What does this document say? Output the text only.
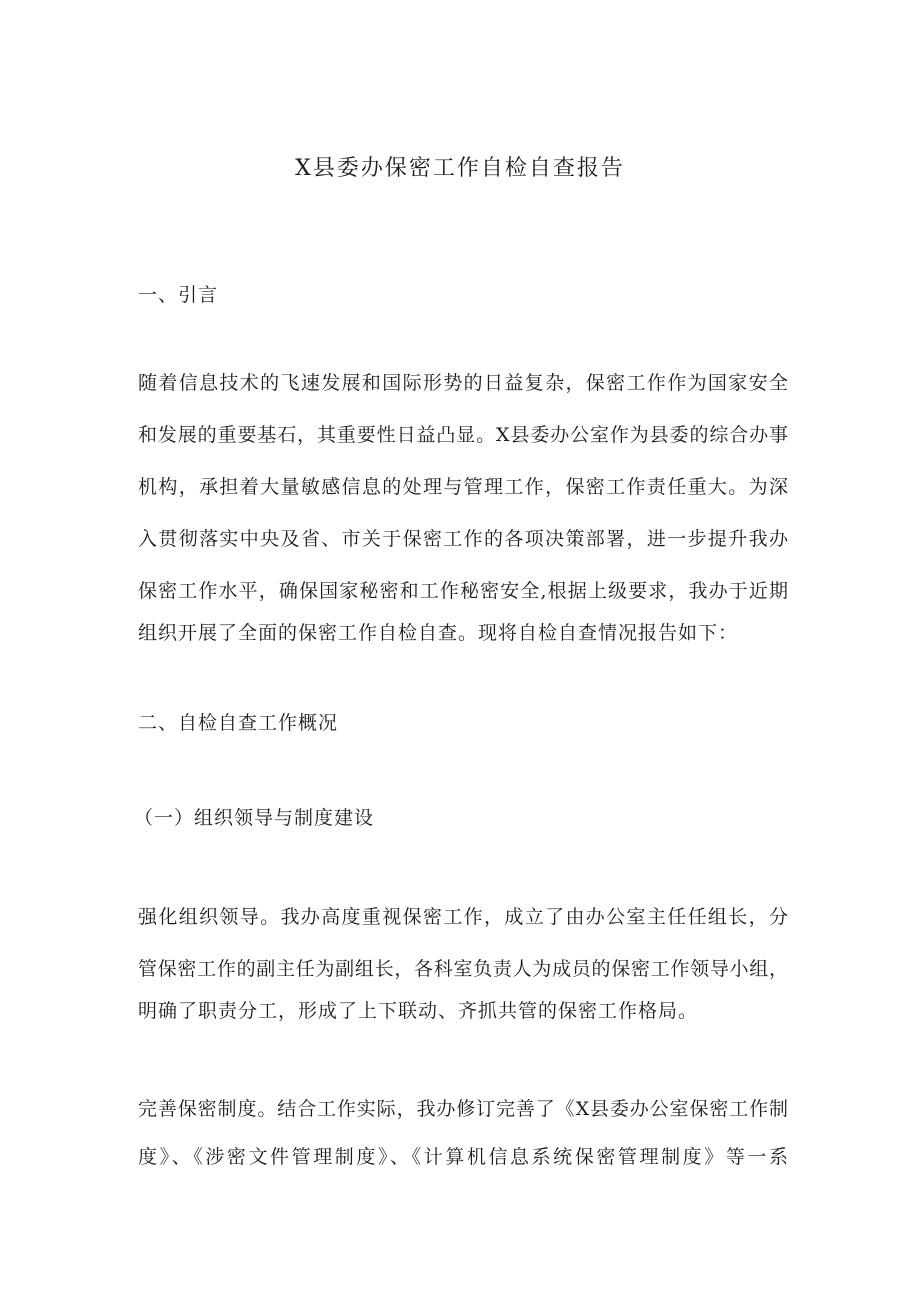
X县委办保密工作自检自查报告
一、引言
随着信息技术的飞速发展和国际形势的日益复杂，保密工作作为国家安全
和发展的重要基石，其重要性日益凸显。X县委办公室作为县委的综合办事
机构，承担着大量敏感信息的处理与管理工作，保密工作责任重大。为深
入贯彻落实中央及省、市关于保密工作的各项决策部署，进一步提升我办
保密工作水平，确保国家秘密和工作秘密安全,根据上级要求，我办于近期
组织开展了全面的保密工作自检自查。现将自检自查情况报告如下：
二、自检自查工作概况
（一）组织领导与制度建设
强化组织领导。我办高度重视保密工作，成立了由办公室主任任组长，分
管保密工作的副主任为副组长，各科室负责人为成员的保密工作领导小组，
明确了职责分工，形成了上下联动、齐抓共管的保密工作格局。
完善保密制度。结合工作实际，我办修订完善了《X县委办公室保密工作制
度》、《涉密文件管理制度》、《计算机信息系统保密管理制度》等一系
